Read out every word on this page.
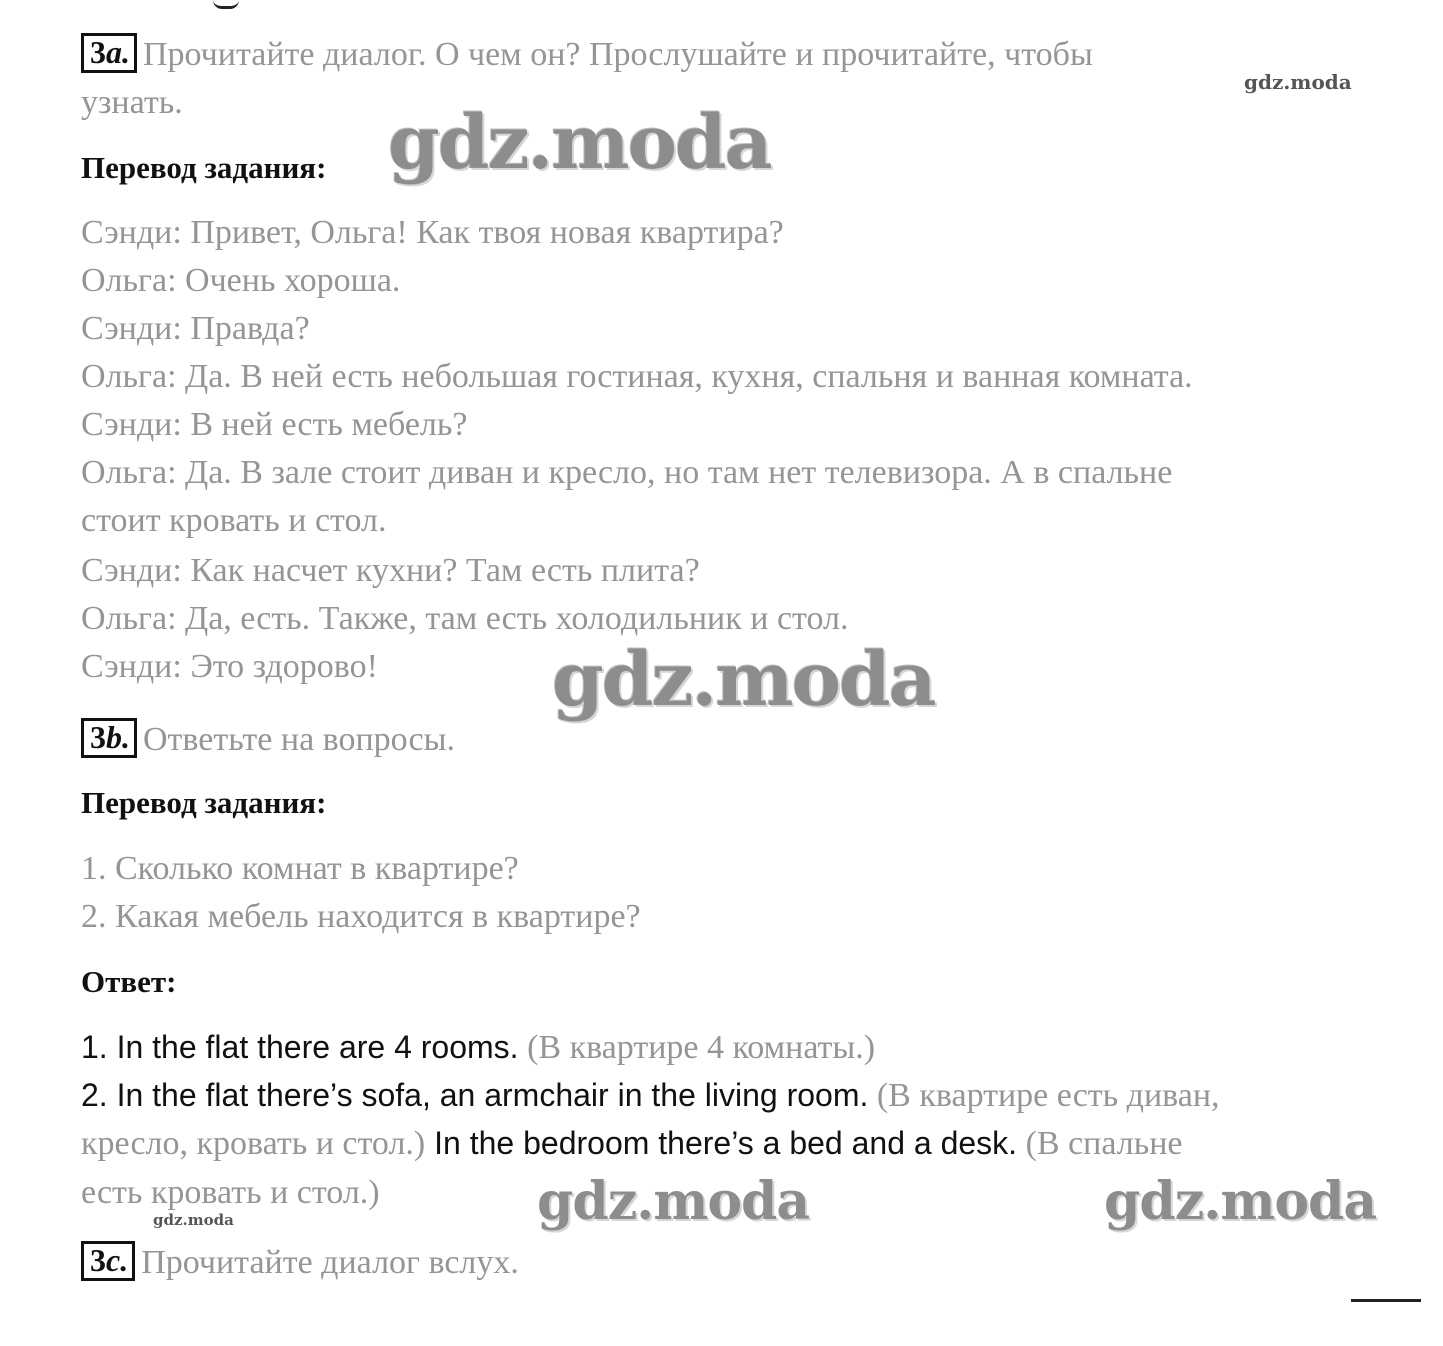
3a. Прочитайте диалог. О чем он? Прослушайте и прочитайте, чтобы
узнать.
Перевод задания:
Сэнди: Привет, Ольга! Как твоя новая квартира?
Ольга: Очень хороша.
Сэнди: Правда?
Ольга: Да. В ней есть небольшая гостиная, кухня, спальня и ванная комната.
Сэнди: В ней есть мебель?
Ольга: Да. В зале стоит диван и кресло, но там нет телевизора. А в спальне
стоит кровать и стол.
Сэнди: Как насчет кухни? Там есть плита?
Ольга: Да, есть. Также, там есть холодильник и стол.
Сэнди: Это здорово!
3b. Ответьте на вопросы.
Перевод задания:
1. Сколько комнат в квартире?
2. Какая мебель находится в квартире?
Ответ:
1. In the flat there are 4 rooms. (В квартире 4 комнаты.)
2. In the flat there’s sofa, an armchair in the living room. (В квартире есть диван,
кресло, кровать и стол.) In the bedroom there’s a bed and a desk. (В спальне
есть кровать и стол.)
3c. Прочитайте диалог вслух.
gdz.moda
gdz.moda
gdz.moda
gdz.moda	gdz.moda
gdz.moda
